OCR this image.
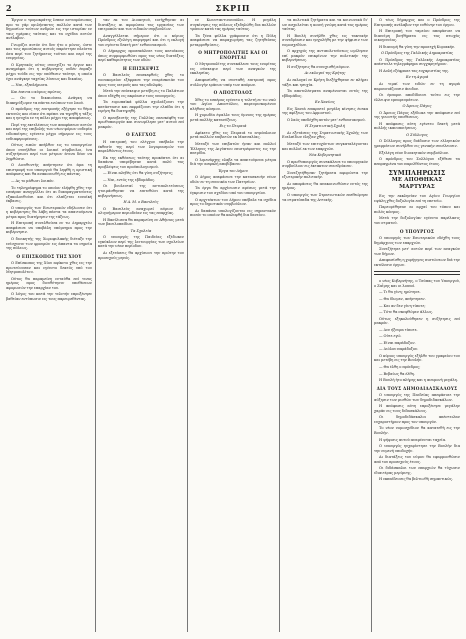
2	ΣΚΡΙΠ

Έργον ο τρομοκράτης Ισπαν αντιπρόσωπος προ το γάρ ομιλήσαντες πολλών κατά των δημοσίων τούτων ανδρών εις την ιστορίαν εν ταις ημέραις ταύταις και τα σχέδια αυτών ανέλαβον.

Γνωρίζει αυτόν ότι δεν ήτο ο μόνος, ώστε και τοις προσώποις αυτοίς παρέστησε πλείστα όσα περί του ζητήματος τούτου και περί της ενεργείας.

Ο Κρητικός ούτος συνεχίζει το έργον και αναγράφει ότι η κυβέρνησις ουδέν έπραξε μέχρι τούδε εις την υπόθεσιν ταύτην, η οποία έχει ανάγκην ταχείας λύσεως και δικαίας.

— Ναι, εξεπλήρωσα.

Και έπειτα ο κύριος πρώτος.

— Ου το δικαιούσαι. Ανάγκη να διακηρύξωμεν τα πάντα ενώπιον του λαού.

Ο πρόεδρος της επιτροπής εξήγησε το θέμα εκτενώς και είπεν ότι πρέπει να τηρηθή η τάξις και η ησυχία εν τη πόλει μέχρι της αποφάσεως.

Περί της εκτελέσεως των αποφάσεων αυτών και περί της επιβολής των νέων φόρων ουδεμία ειδοποίησις εγένετο μέχρι σήμερον εις τους ενδιαφερομένους.

Ούτως ειπών απήλθεν εις το υπουργείον όπου συνήλθον οι λοιποί σύμβουλοι, ίνα συζητήσωσι περί των μέτρων άτινα δέον να ληφθώσιν.

Ο Διευθυντής απήντησεν ότι άμα τη επιστροφή του υπουργού θα ληφθή η οριστική απόφασις και θα ανακοινωθή εις πάντας.

— Ας το μάθωσι λοιπόν.

Το τηλεγράφημα το οποίον ελήφθη χθες την εσπέραν αναγγέλλει ότι αι διαπραγματεύσεις εξακολουθούσι και ότι ελπίζεται ευνοϊκή έκβασις.

Ο υπουργός των Εσωτερικών εδήλωσεν ότι η κυβέρνησις θα λάβη πάντα τα απαιτούμενα μέτρα προς διατήρησιν της τάξεως.

Η Επιτροπή συνελθούσα εν τω Δημαρχείω απεφάσισε να υποβάλη υπόμνημα προς την κυβέρνησιν.

Ο διοικητής της Χωροφυλακής διέταξε την ενίσχυσιν των φρουρών εις άπαντα τα σημεία της πόλεως.

Ο ΕΠΙΣΚΟΠΟΣ ΤΗΣ ΧΙΟΥ

Ο Επίσκοπος της Χίου αφίκετο χθες εις την πρωτεύουσαν και εγένετο δεκτός υπό του Μητροπολίτου.

Ούτος θα παραμείνη ενταύθα επί τινας ημέρας προς διευθέτησιν υποθέσεων αφορωσών την επαρχίαν του.

Ο λόγος του κατά την τελετήν επροξένησε βαθείαν εντύπωσιν εις τους παρευρεθέντας.

ταν εκ του Διοικητού, εισήχθησαν αι διατάξεις αι αφορώσαι τας εργασίας των επιτροπών και των ειδικών συμβουλίων.

Αναγγέλλεται σήμερον ότι ο κύριος Πρόεδρος εξελέγη παμψηφεί και ότι η εκλογή του εγένετο δεκτή μετ' ενθουσιασμού.

Ο Δήμαρχος προσεκάλεσε τους κατοίκους όπως συμμορφωθώσι προς τας νέας διατάξεις περί καθαριότητος των οδών.

Η ΕΠΙΣΚΕΨΙΣ

Ο Βασιλεύς επισκεφθείς χθες το νοσοκομείον εξέφρασε την ευαρέσκειάν του προς τους ιατρούς και τας αδελφάς.

Μετά την επίσκεψιν μετέβη εις το Παλάτιον όπου εδέχθη εις ακρόασιν τους υπουργούς.

Τα ευρωπαϊκά φύλλα σχολιάζουσι την κατάστασιν και εκφράζουσι την ελπίδα ότι η ειρήνη θα διατηρηθή.

Ο πρεσβευτής της Γαλλίας επεσκέφθη τον πρωθυπουργόν και συνωμίλησε μετ' αυτού επί μακρόν.

Ο ΕΛΕΓΧΟΣ

Η επιτροπή του ελέγχου υπέβαλε την έκθεσίν της περί των λογαριασμών του παρελθόντος έτους.

Εκ της εκθέσεως ταύτης προκύπτει ότι αι δαπάναι υπερέβησαν κατά πολύ τας προβλέψεις του προϋπολογισμού.

— Είναι αληθές ότι θα γίνη συζήτησις;

— Ναι, εντός της εβδομάδος.

Οι βουλευταί της αντιπολιτεύσεως ητοιμάσθησαν να επιτεθώσι κατά της κυβερνήσεως.

Η Α. Μ. ο Βασιλεύς

Ο Βασιλεύς αναχωρεί αύριον δι' ολιγοήμερον περιοδείαν εις τας επαρχίας.

Η Βασίλισσα θα παραμείνη εν Αθήναις μετά των βασιλοπαίδων.

Τα Σχολεία

Ο υπουργός της Παιδείας εξέδωκεν εγκύκλιον περί της λειτουργίας των σχολείων κατά την νέαν περίοδον.

Αι εξετάσεις θα αρχίσωσι την πρώτην του προσεχούς μηνός.

εν Κωνσταντινουπόλει. Η μεγάλη συγκίνησις της πόλεως εξεδηλώθη δια πολλών τρόπων κατά τας ημέρας ταύτας.

Τα ξένα φύλλα γράφουσιν ότι η Πύλη απεφάσισε να παραχωρήση τας ζητηθείσας μεταρρυθμίσεις.

Ο ΜΗΤΡΟΠΟΛΙΤΗΣ ΚΑΙ ΟΙ ΕΝΟΡΙΤΑΙ

Ο Μητροπολίτης συνεκάλεσε τους ενορίτας εις σύσκεψιν περί των αναγκών της εκκλησίας.

Απεφασίσθη να συσταθή επιτροπή προς συλλογήν εράνων υπέρ των απόρων.

Ο ΑΠΟΣΤΟΛΟΣ

Χθες το εσπέρας εγένετο η τελετή εν τω ναώ του Αγίου Αποστόλου, παρευρισκομένου πλήθους κόσμου.

Η χορωδία έψαλλε τους ύμνους της ημέρας μετά πολλής κατανύξεως.

Εις το Πειραιά

Αφίκετο χθες εις Πειραιά το ατμόπλοιον μετά πολλών επιβατών εκ Μασσαλίας.

Μεταξύ των επιβατών ήσαν και πολλοί Έλληνες της Αιγύπτου επιστρέφοντες εις την πατρίδα.

Ο λιμενάρχης ελαβε τα απαιτούμενα μέτρα διά την ασφαλή αποβίβασιν.

Έργα του Δήμου

Ο Δήμος απεφάσισε την κατασκευήν νέων οδών εν τη συνοικία των Πατησίων.

Τα έργα θα αρχίσωσιν αμέσως μετά την έγκρισιν του σχεδίου υπό του υπουργείου.

Ο αρχιτέκτων του Δήμου υπέβαλε τα σχέδια προς το δημοτικόν συμβούλιον.

Αι δαπάναι υπολογίζονται εις σημαντικόν ποσόν το οποίον θα καλυφθή δια δανείου.

τα πολιτικά ζητήματα και τα κοινωνικά δι' ων ασχολείται η κοινή γνώμη κατά τας ημέρας ταύτας.

Η Βουλή συνήλθε χθες εις τακτικήν συνεδρίασιν και ησχολήθη με την ψήφισιν των νομοσχεδίων.

Ο αρχηγός της αντιπολιτεύσεως ωμίλησεν επί μακρόν επικρίνων την πολιτικήν της κυβερνήσεως.

Η συζήτησις θα συνεχισθή αύριον.

Αι εκλογαί της Κρήτης

Αι εκλογαί εν Κρήτη διεξήχθησαν εν πλήρει τάξει και ησυχία.

Τα αποτελέσματα αναμένονται εντός της εβδομάδος.

Εν Χανίοις

Εις Χανιά επικρατεί μεγάλη κίνησις ένεκα της αφίξεως του Αρμοστού.

Ο λαός υπεδέχθη αυτόν μετ' ενθουσιασμού.

Η Στρατιωτική Σχολή

Αι εξετάσεις της Στρατιωτικής Σχολής των Ευελπίδων έληξαν χθες.

Μεταξύ των επιτυχόντων συγκαταλέγονται και πολλοί εκ των επαρχιών.

Νέα Κυβερνητικά

Ο πρωθυπουργός συνεκάλεσε το υπουργικόν συμβούλιον εις έκτακτον συνεδρίασιν.

Συνεζητήθησαν ζητήματα αφορώντα την εξωτερικήν πολιτικήν.

Αι αποφάσεις θα ανακοινωθώσιν εντός της ημέρας.

Ο υπουργός των Στρατιωτικών επεθεώρησε τα στρατόπεδα της Αττικής.

Ο τέως δήμαρχος και ο Πρόεδρος της Επιτροπής ανέλαβον την ευθύνην του έργου.

Η Επιτροπή του ταμείου απεφάσισε να διανείμη βοηθήματα εις τας πτωχάς οικογενείας.

Η διανομή θα γίνη την προσεχή Κυριακήν.

Ο Πρόεδρος της Γαλλικής Δημοκρατίας

Ο Πρόεδρος της Γαλλικής Δημοκρατίας απέστειλε τηλεγράφημα συγχαρητήριον.

Η Αυλή εξέφρασε τας ευχαριστίας της.

Εν τη Αγορά

Αι τιμαί των ειδών εν τη αγορά παρουσιάζουσιν άνοδον.

Οι έμποροι αποδίδουσι τούτο εις την έλλειψιν εμπορευμάτων.

Ο Άρειος Πάγος

Ο Άρειος Πάγος εξέδωκε την απόφασιν επί της γνωστής υποθέσεως.

Η απόφασις αύτη εγένετο δεκτή μετά πολλής ικανοποιήσεως.

Ο Σύλλογος

Ο Σύλλογος προς διάδοσιν των ελληνικών γραμμάτων συνήλθεν εις γενικήν συνέλευσιν.

Εξελέγη νέον διοικητικόν συμβούλιον.

Ο πρόεδρος του Συλλόγου εξέθεσε τα πεπραγμένα του παρελθόντος έτους.

ΣΥΜΠΛΗΡΩΣΙΣ

ΜΕ ΑΠΟΘΗΚΑΣ ΜΑΡΤΥΡΑΣ

Εις την εκκλησίαν του Αγίου Γεωργίου εψάλη χθες δοξολογία επί τη επετείω.

Παρευρέθησαν αι αρχαί του τόπου και πολύς κόσμος.

Μετά την δοξολογίαν εγένετο παρέλασις του στρατού.

Ο ΥΠΟΥΡΓΟΣ

Ο υπουργός των Εσωτερικών εδέχθη τους δημάρχους των επαρχιών.

Συνεζήτησε μετ' αυτών περί των αναγκών των δήμων.

Απεφασίσθη η χορήγησις πιστώσεων διά την εκτέλεσιν έργων.

ο νέος Κυβερνήτης, ο Τσόπας του Υπουργού, ο Ζαΐμης και οι λοιποί.

— Τι θα γίνη; ηρώτησε.

— Θα ίδωμεν, απήντησεν.

— Και αν δεν γίνη τίποτε;

— Τότε θα σκεφθώμεν άλλως.

Ούτως εξηκολούθησεν η συζήτησις επί μακρόν.

— Δεν ήξευρα τίποτε.

— Ούτε εγώ.

— Είναι παράδοξον.

— Διόλου παράδοξον.

Ο κύριος υπουργός εξήλθε του γραφείου του και μετέβη εις την Βουλήν.

— Θα έλθη ο πρόεδρος;

— Βεβαίως θα έλθη.

Η Βουλή ήτο πλήρης και η αναμονή μεγάλη.

ΔΙΑ ΤΟΥΣ ΔΗΜΟΔΙΔΑΣΚΑΛΟΥΣ

Ο υπουργός της Παιδείας απεφάσισε την αύξησιν των μισθών των δημοδιδασκάλων.

Η απόφασις αύτη επροξένησε μεγάλην χαράν εις τους διδασκάλους.

Οι δημοδιδάσκαλοι απέστειλαν ευχαριστήριον προς τον υπουργόν.

Το νέον νομοσχέδιον θα κατατεθή εις την Βουλήν.

Η ψήφισις αυτού αναμένεται ταχεία.

Ο υπουργός ηυχαρίστησε την Βουλήν δια την ευμενή υποδοχήν.

Αι διατάξεις του νόμου θα εφαρμοσθώσιν από του προσεχούς έτους.

Οι διδάσκαλοι των επαρχιών θα τύχωσιν ιδιαιτέρας μερίμνης.

Η εκπαίδευσις θα βελτιωθή σημαντικώς.
